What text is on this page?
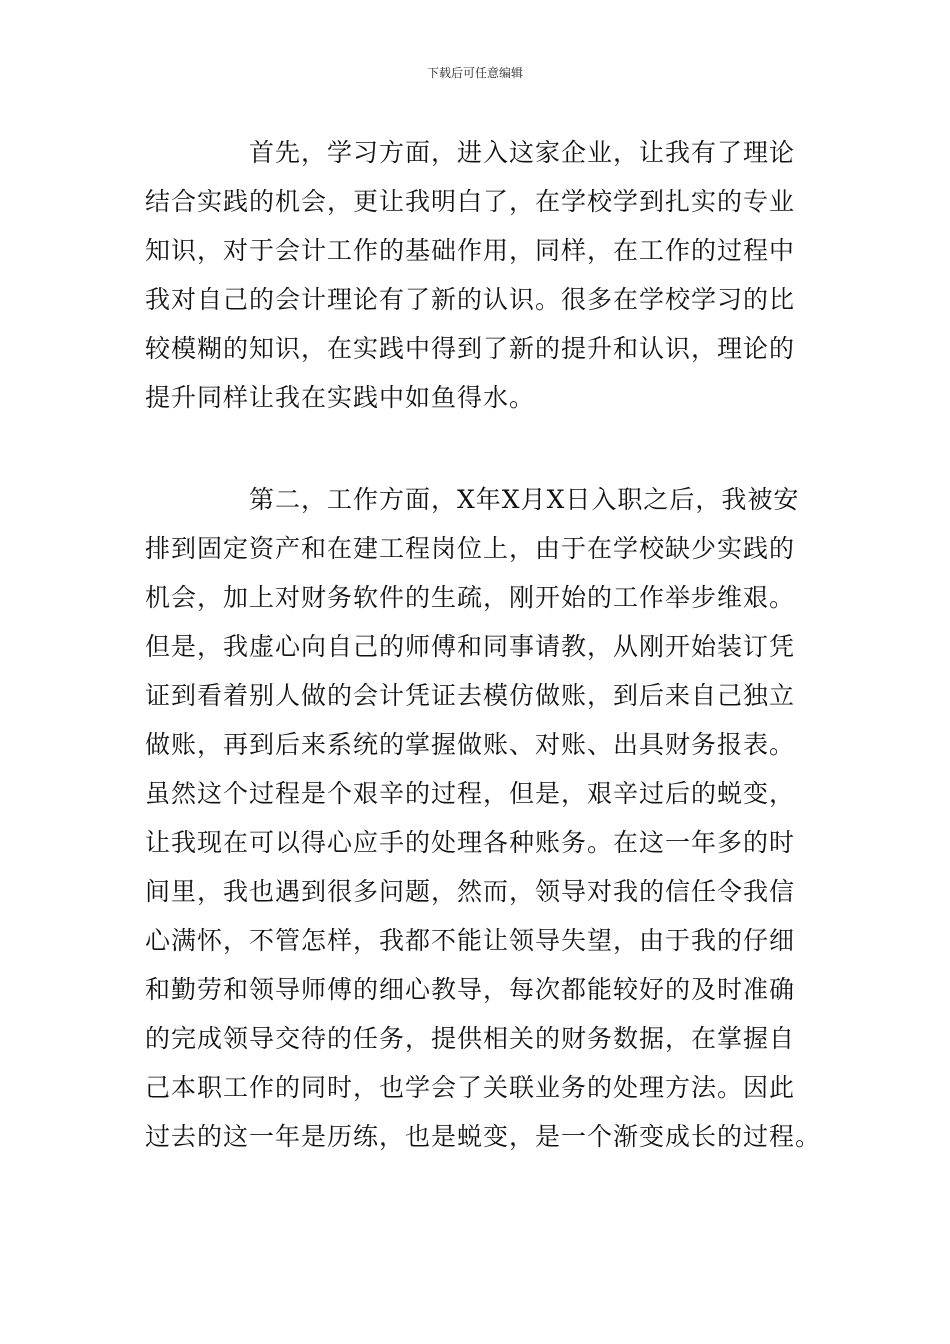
下载后可任意编辑
首先，学习方面，进入这家企业，让我有了理论
结合实践的机会，更让我明白了，在学校学到扎实的专业
知识，对于会计工作的基础作用，同样，在工作的过程中
我对自己的会计理论有了新的认识。很多在学校学习的比
较模糊的知识，在实践中得到了新的提升和认识，理论的
提升同样让我在实践中如鱼得水。
第二，工作方面，X年X月X日入职之后，我被安
排到固定资产和在建工程岗位上，由于在学校缺少实践的
机会，加上对财务软件的生疏，刚开始的工作举步维艰。
但是，我虚心向自己的师傅和同事请教，从刚开始装订凭
证到看着别人做的会计凭证去模仿做账，到后来自己独立
做账，再到后来系统的掌握做账、对账、出具财务报表。
虽然这个过程是个艰辛的过程，但是，艰辛过后的蜕变，
让我现在可以得心应手的处理各种账务。在这一年多的时
间里，我也遇到很多问题，然而，领导对我的信任令我信
心满怀，不管怎样，我都不能让领导失望，由于我的仔细
和勤劳和领导师傅的细心教导，每次都能较好的及时准确
的完成领导交待的任务，提供相关的财务数据，在掌握自
己本职工作的同时，也学会了关联业务的处理方法。因此
过去的这一年是历练，也是蜕变，是一个渐变成长的过程。
